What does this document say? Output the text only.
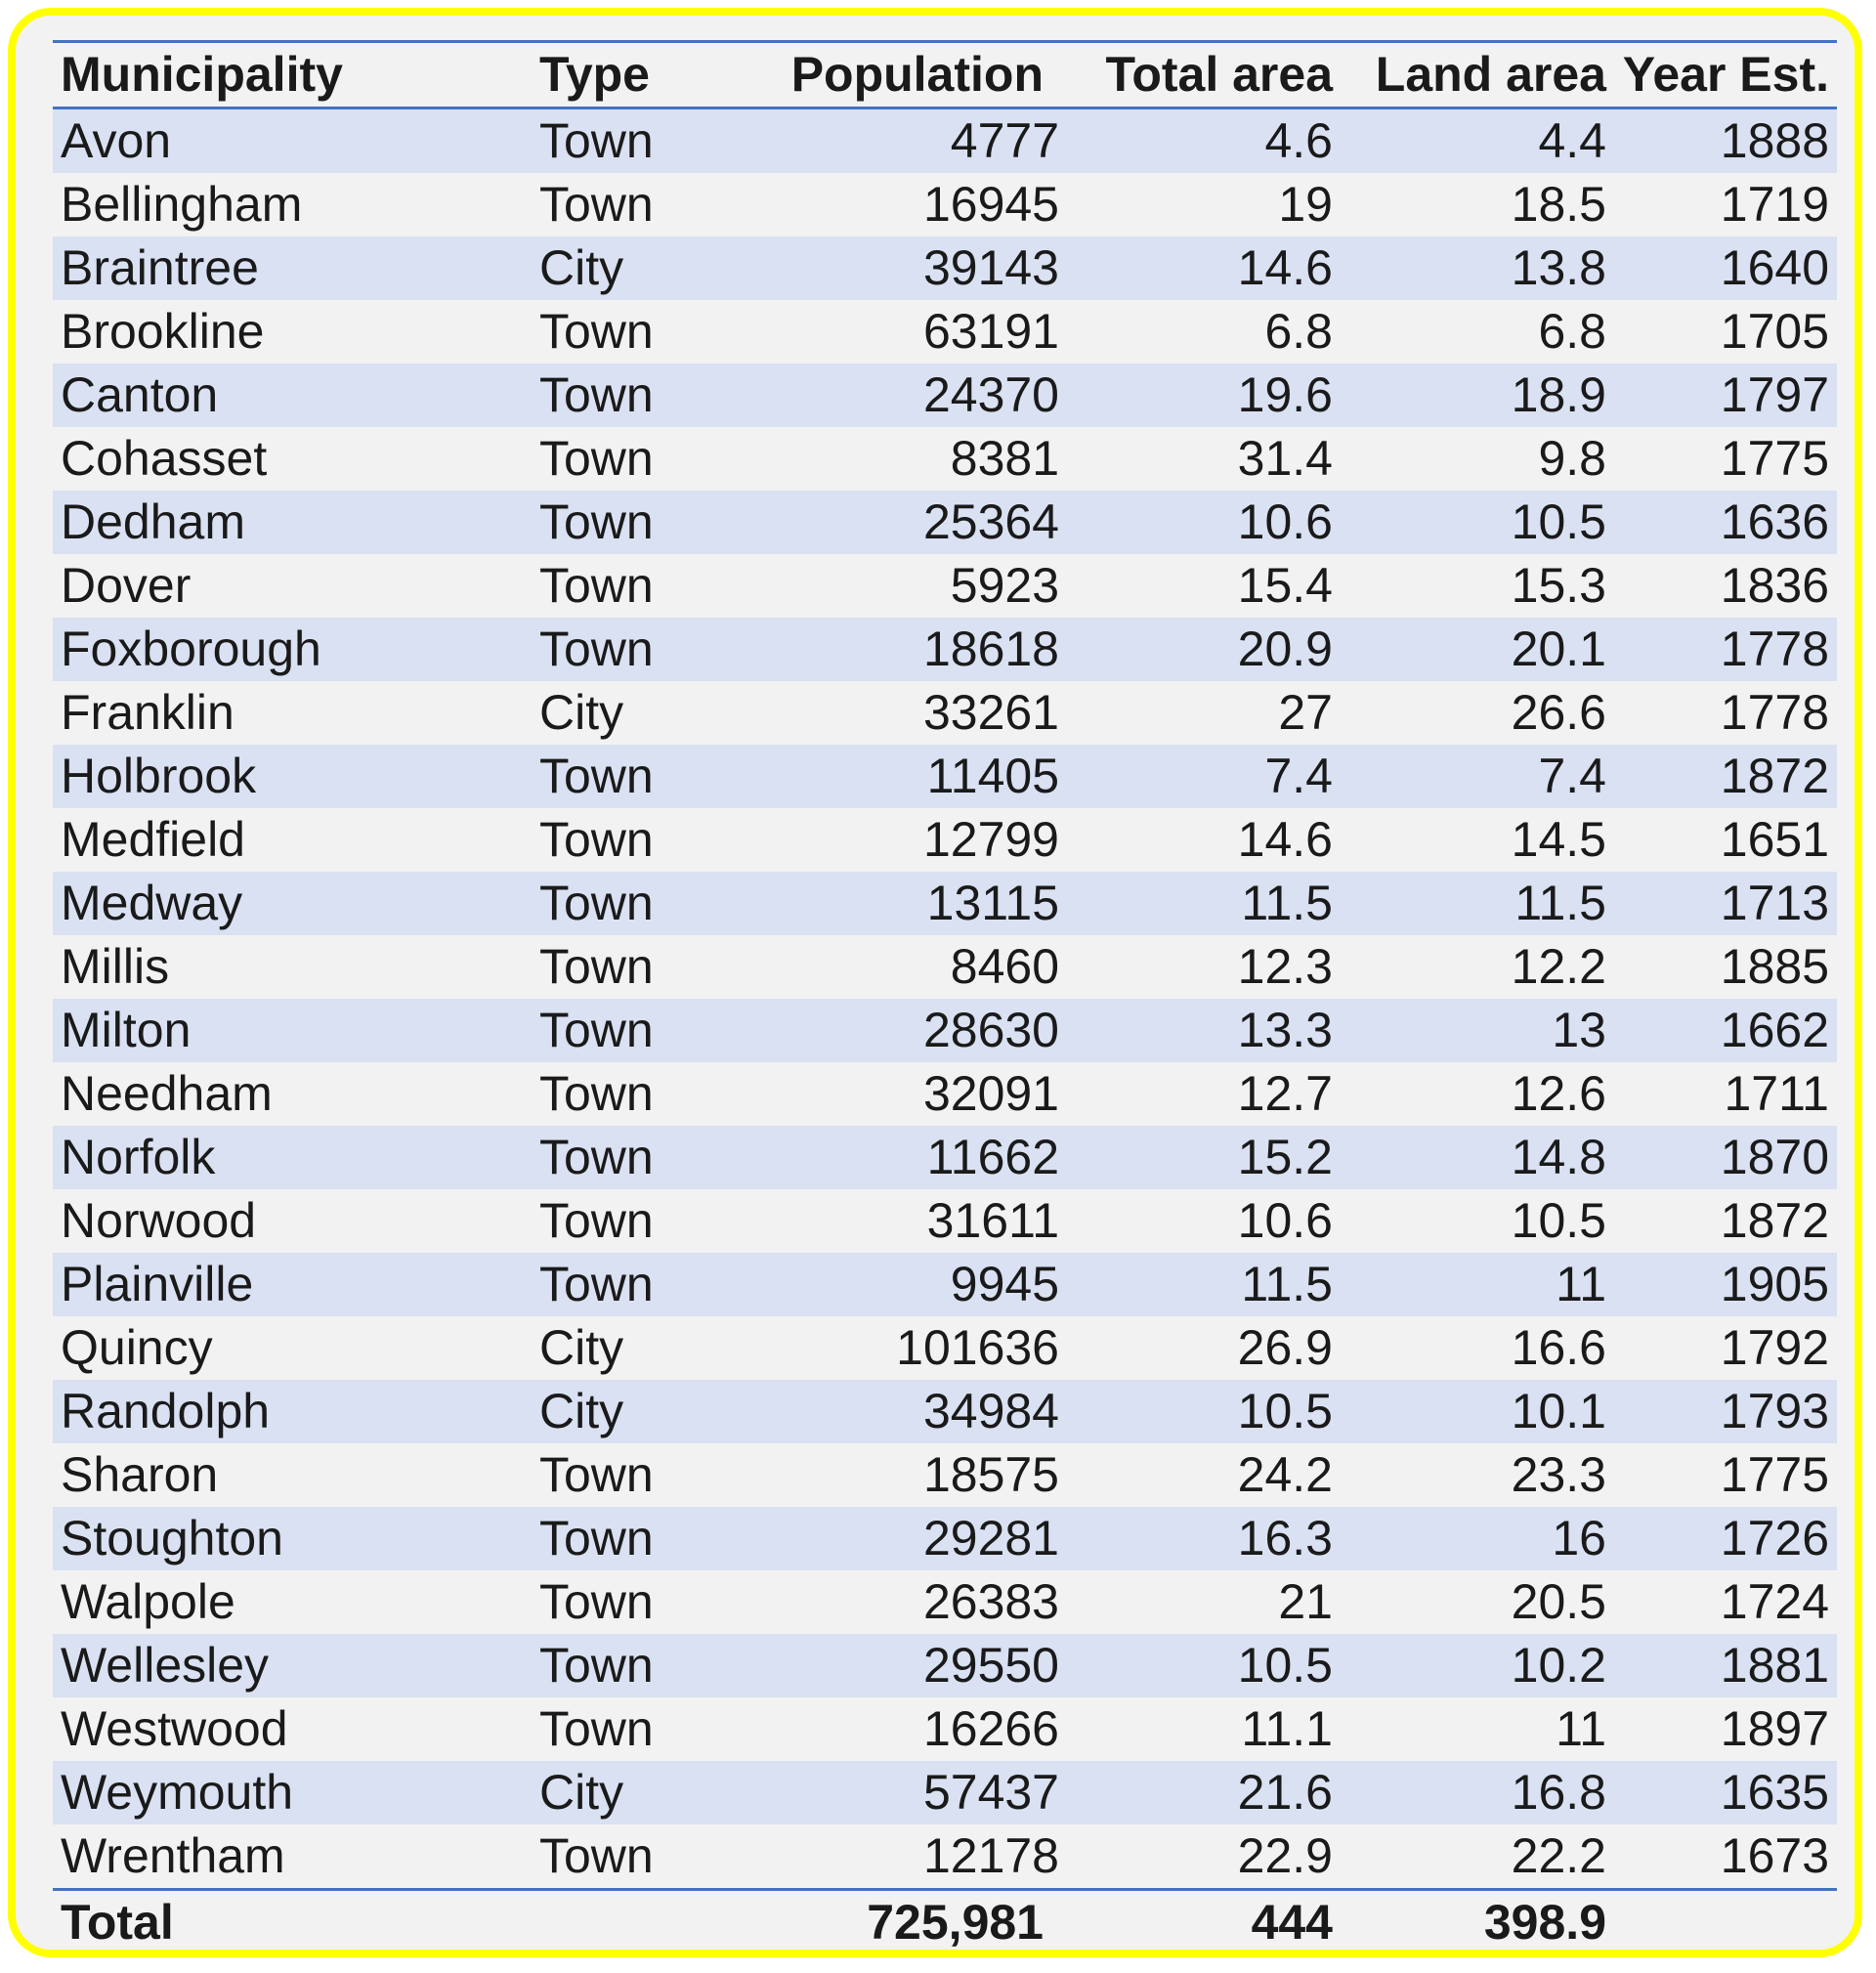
Municipality	Type	Population	Total area	Land area	Year Est.
Avon	Town	4777	4.6	4.4	1888
Bellingham	Town	16945	19	18.5	1719
Braintree	City	39143	14.6	13.8	1640
Brookline	Town	63191	6.8	6.8	1705
Canton	Town	24370	19.6	18.9	1797
Cohasset	Town	8381	31.4	9.8	1775
Dedham	Town	25364	10.6	10.5	1636
Dover	Town	5923	15.4	15.3	1836
Foxborough	Town	18618	20.9	20.1	1778
Franklin	City	33261	27	26.6	1778
Holbrook	Town	11405	7.4	7.4	1872
Medfield	Town	12799	14.6	14.5	1651
Medway	Town	13115	11.5	11.5	1713
Millis	Town	8460	12.3	12.2	1885
Milton	Town	28630	13.3	13	1662
Needham	Town	32091	12.7	12.6	1711
Norfolk	Town	11662	15.2	14.8	1870
Norwood	Town	31611	10.6	10.5	1872
Plainville	Town	9945	11.5	11	1905
Quincy	City	101636	26.9	16.6	1792
Randolph	City	34984	10.5	10.1	1793
Sharon	Town	18575	24.2	23.3	1775
Stoughton	Town	29281	16.3	16	1726
Walpole	Town	26383	21	20.5	1724
Wellesley	Town	29550	10.5	10.2	1881
Westwood	Town	16266	11.1	11	1897
Weymouth	City	57437	21.6	16.8	1635
Wrentham	Town	12178	22.9	22.2	1673
Total		725,981	444	398.9	
